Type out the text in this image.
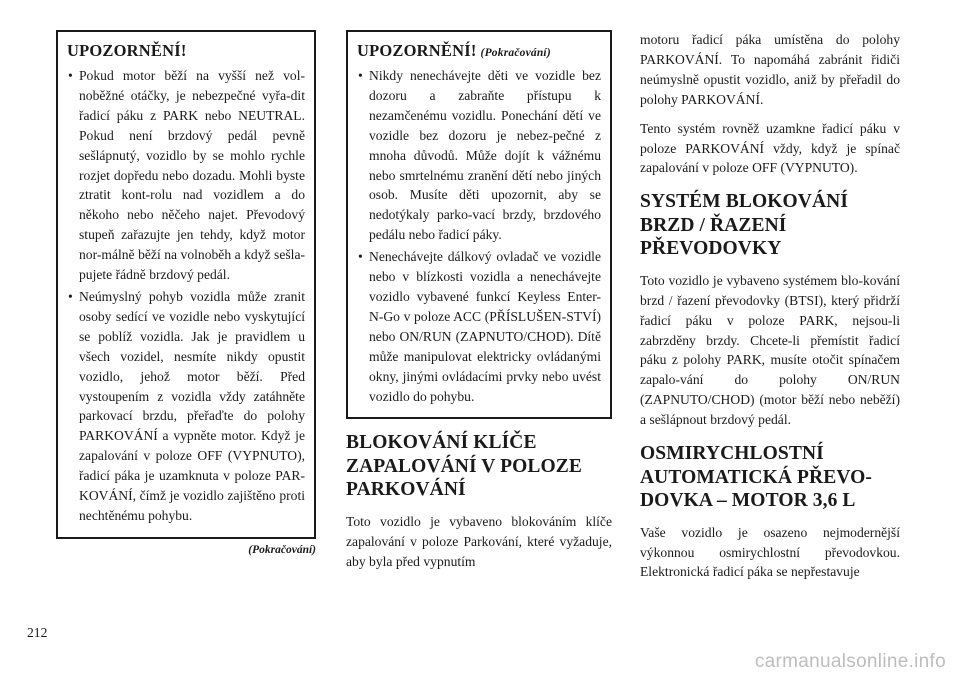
UPOZORNĚNÍ!
• Pokud motor běží na vyšší než vol-noběžné otáčky, je nebezpečné vyřa-dit řadicí páku z PARK nebo NEUTRAL. Pokud není brzdový pedál pevně sešlápnutý, vozidlo by se mohlo rychle rozjet dopředu nebo dozadu. Mohli byste ztratit kont-rolu nad vozidlem a do někoho nebo něčeho najet. Převodový stupeň zařazujte jen tehdy, když motor nor-málně běží na volnoběh a když sešla-pujete řádně brzdový pedál.
• Neúmyslný pohyb vozidla může zranit osoby sedící ve vozidle nebo vyskytující se poblíž vozidla. Jak je pravidlem u všech vozidel, nesmíte nikdy opustit vozidlo, jehož motor běží. Před vystoupením z vozidla vždy zatáhněte parkovací brzdu, přeřaďte do polohy PARKOVÁNÍ a vypněte motor. Když je zapalování v poloze OFF (VYPNUTO), řadicí páka je uzamknuta v poloze PAR-KOVÁNÍ, čímž je vozidlo zajištěno proti nechtěnému pohybu.
(Pokračování)
UPOZORNĚNÍ! (Pokračování)
• Nikdy nenechávejte děti ve vozidle bez dozoru a zabraňte přístupu k nezamčenému vozidlu. Ponechání dětí ve vozidle bez dozoru je nebez-pečné z mnoha důvodů. Může dojít k vážnému nebo smrtelnému zranění dětí nebo jiných osob. Musíte děti upozornit, aby se nedotýkaly parko-vací brzdy, brzdového pedálu nebo řadicí páky.
• Nenechávejte dálkový ovladač ve vozidle nebo v blízkosti vozidla a nenechávejte vozidlo vybavené funkcí Keyless Enter-N-Go v poloze ACC (PŘÍSLUŠEN-STVÍ) nebo ON/RUN (ZAPNUTO/CHOD). Dítě může manipulovat elektricky ovládanými okny, jinými ovládacími prvky nebo uvést vozidlo do pohybu.
BLOKOVÁNÍ KLÍČE ZAPALOVÁNÍ V POLOZE PARKOVÁNÍ

Toto vozidlo je vybaveno blokováním klíče zapalování v poloze Parkování, které vyžaduje, aby byla před vypnutím

motoru řadicí páka umístěna do polohy PARKOVÁNÍ. To napomáhá zabránit řidiči neúmyslně opustit vozidlo, aniž by přeřadil do polohy PARKOVÁNÍ.

Tento systém rovněž uzamkne řadicí páku v poloze PARKOVÁNÍ vždy, když je spínač zapalování v poloze OFF (VYPNUTO).

SYSTÉM BLOKOVÁNÍ BRZD / ŘAZENÍ PŘEVODOVKY

Toto vozidlo je vybaveno systémem blo-kování brzd / řazení převodovky (BTSI), který přidrží řadicí páku v poloze PARK, nejsou-li zabrzděny brzdy. Chcete-li přemístit řadicí páku z polohy PARK, musíte otočit spínačem zapalo-vání do polohy ON/RUN (ZAPNUTO/CHOD) (motor běží nebo neběží) a sešlápnout brzdový pedál.

OSMIRYCHLOSTNÍ AUTOMATICKÁ PŘEVO-DOVKA – MOTOR 3,6 L

Vaše vozidlo je osazeno nejmodernější výkonnou osmirychlostní převodovkou. Elektronická řadicí páka se nepřestavuje

212
carmanualsonline.info
